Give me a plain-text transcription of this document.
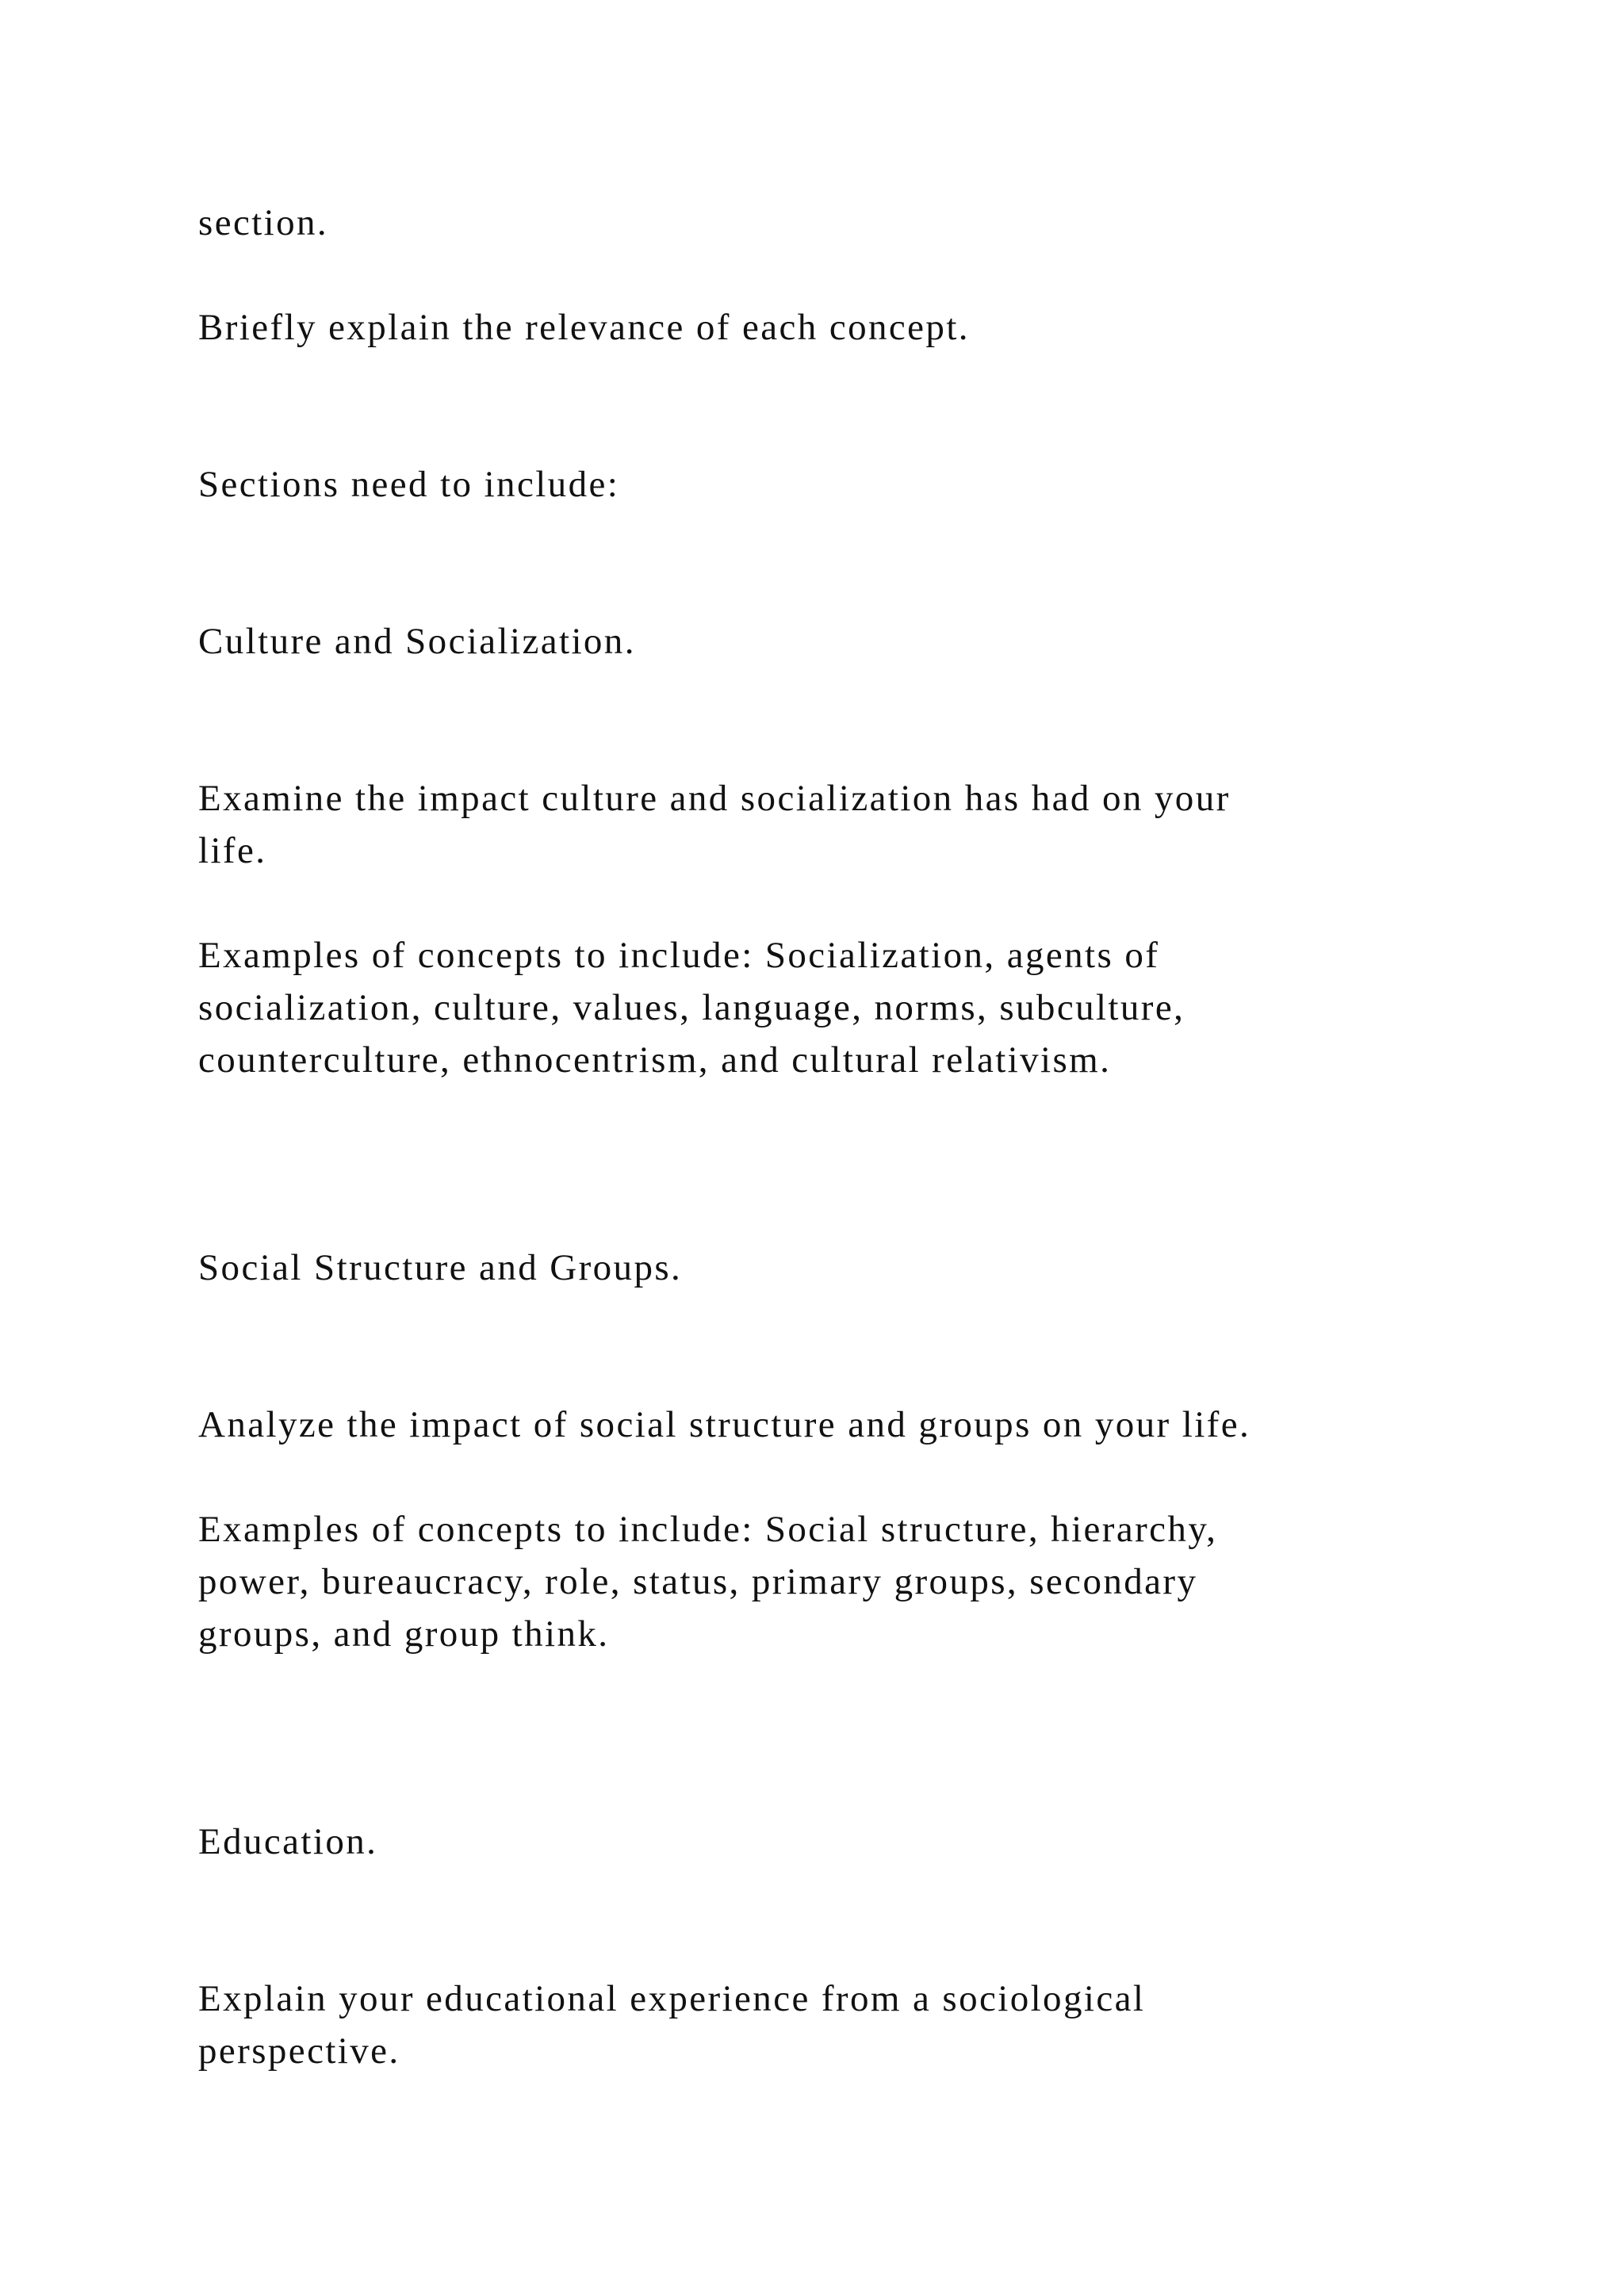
section.

Briefly explain the relevance of each concept.

Sections need to include:

Culture and Socialization.

Examine the impact culture and socialization has had on your

life.

Examples of concepts to include: Socialization, agents of

socialization, culture, values, language, norms, subculture,

counterculture, ethnocentrism, and cultural relativism.

Social Structure and Groups.

Analyze the impact of social structure and groups on your life.

Examples of concepts to include: Social structure, hierarchy,

power, bureaucracy, role, status, primary groups, secondary

groups, and group think.

Education.

Explain your educational experience from a sociological

perspective.
